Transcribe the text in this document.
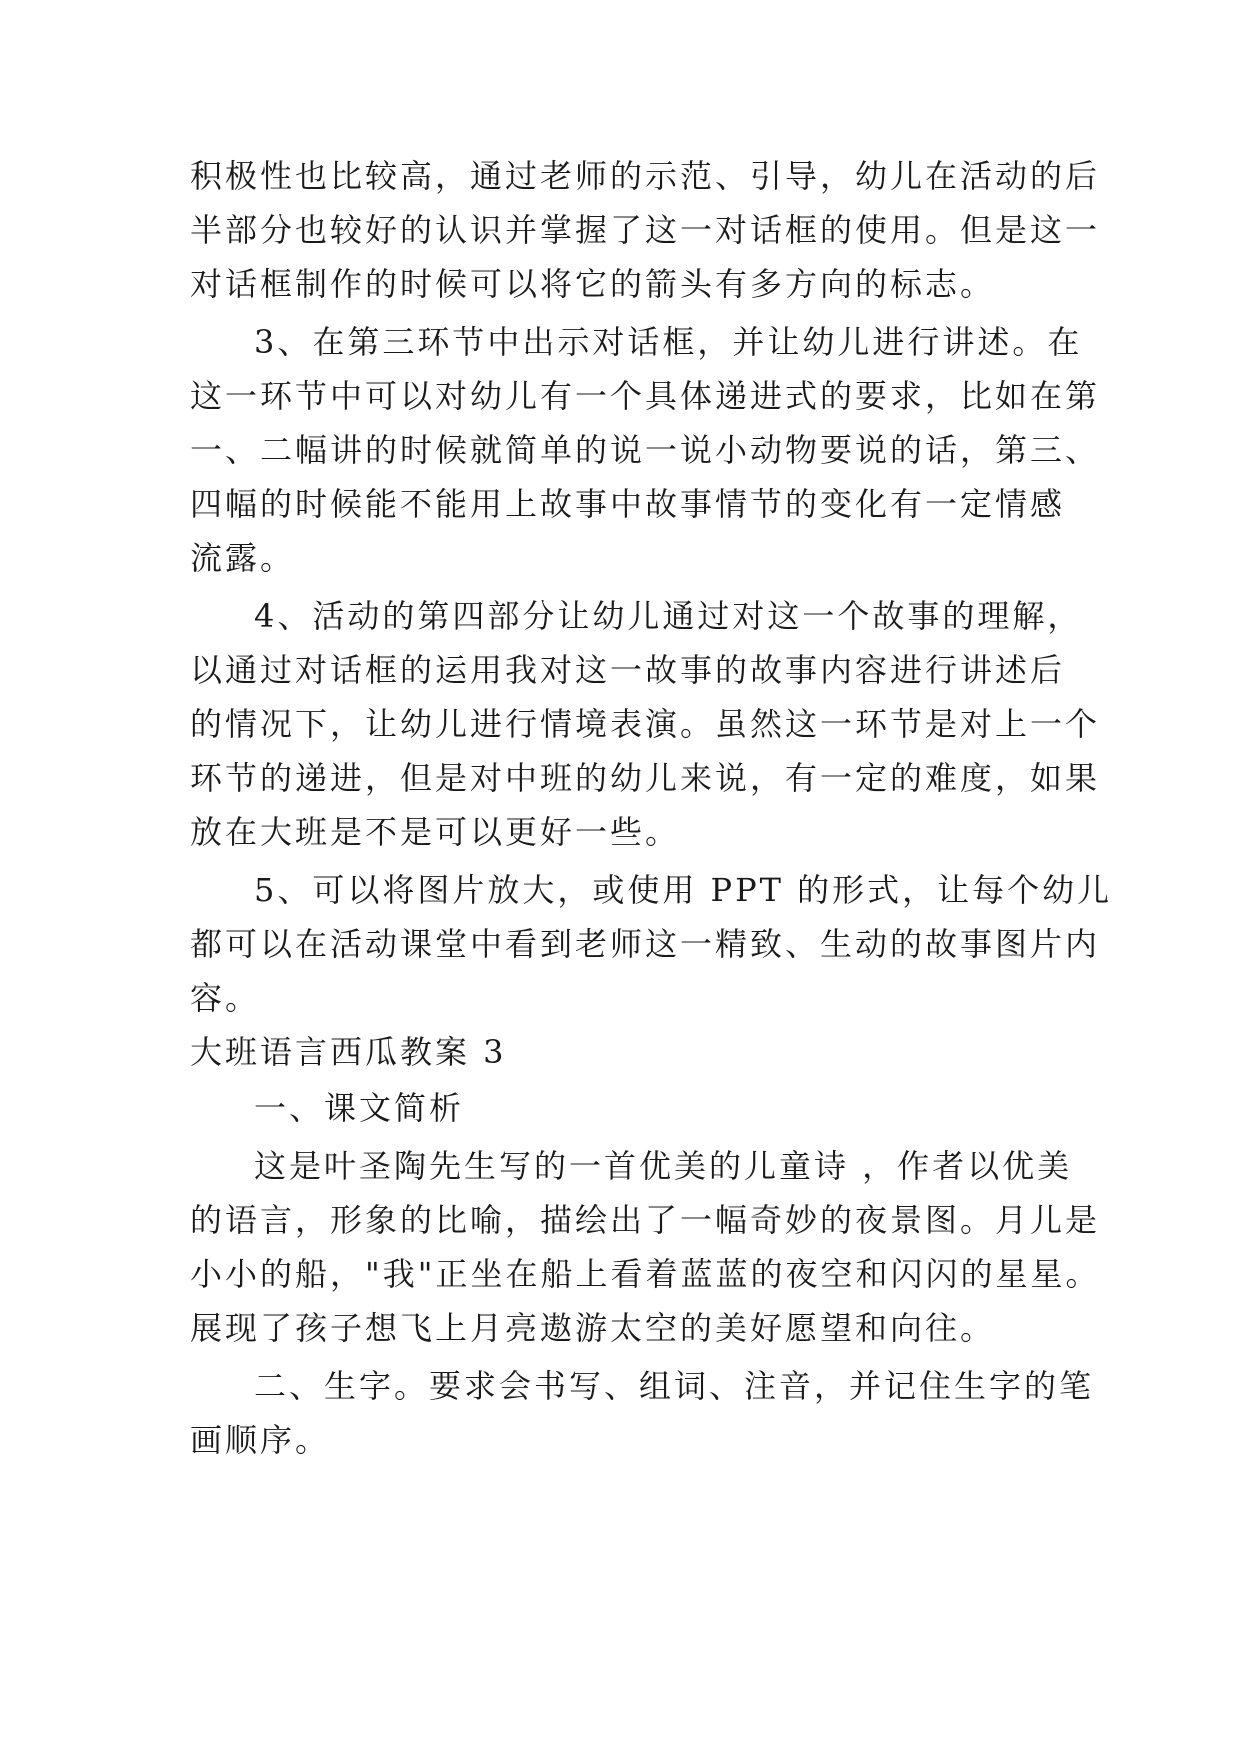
积极性也比较高，通过老师的示范、引导，幼儿在活动的后
半部分也较好的认识并掌握了这一对话框的使用。但是这一
对话框制作的时候可以将它的箭头有多方向的标志。
3、在第三环节中出示对话框，并让幼儿进行讲述。在
这一环节中可以对幼儿有一个具体递进式的要求，比如在第
一、二幅讲的时候就简单的说一说小动物要说的话，第三、
四幅的时候能不能用上故事中故事情节的变化有一定情感
流露。
4、活动的第四部分让幼儿通过对这一个故事的理解，
以通过对话框的运用我对这一故事的故事内容进行讲述后
的情况下，让幼儿进行情境表演。虽然这一环节是对上一个
环节的递进，但是对中班的幼儿来说，有一定的难度，如果
放在大班是不是可以更好一些。
5、可以将图片放大，或使用 PPT 的形式，让每个幼儿
都可以在活动课堂中看到老师这一精致、生动的故事图片内
容。
大班语言西瓜教案 3
一、课文简析
这是叶圣陶先生写的一首优美的儿童诗 ，作者以优美
的语言，形象的比喻，描绘出了一幅奇妙的夜景图。月儿是
小小的船，"我"正坐在船上看着蓝蓝的夜空和闪闪的星星。
展现了孩子想飞上月亮遨游太空的美好愿望和向往。
二、生字。要求会书写、组词、注音，并记住生字的笔
画顺序。
